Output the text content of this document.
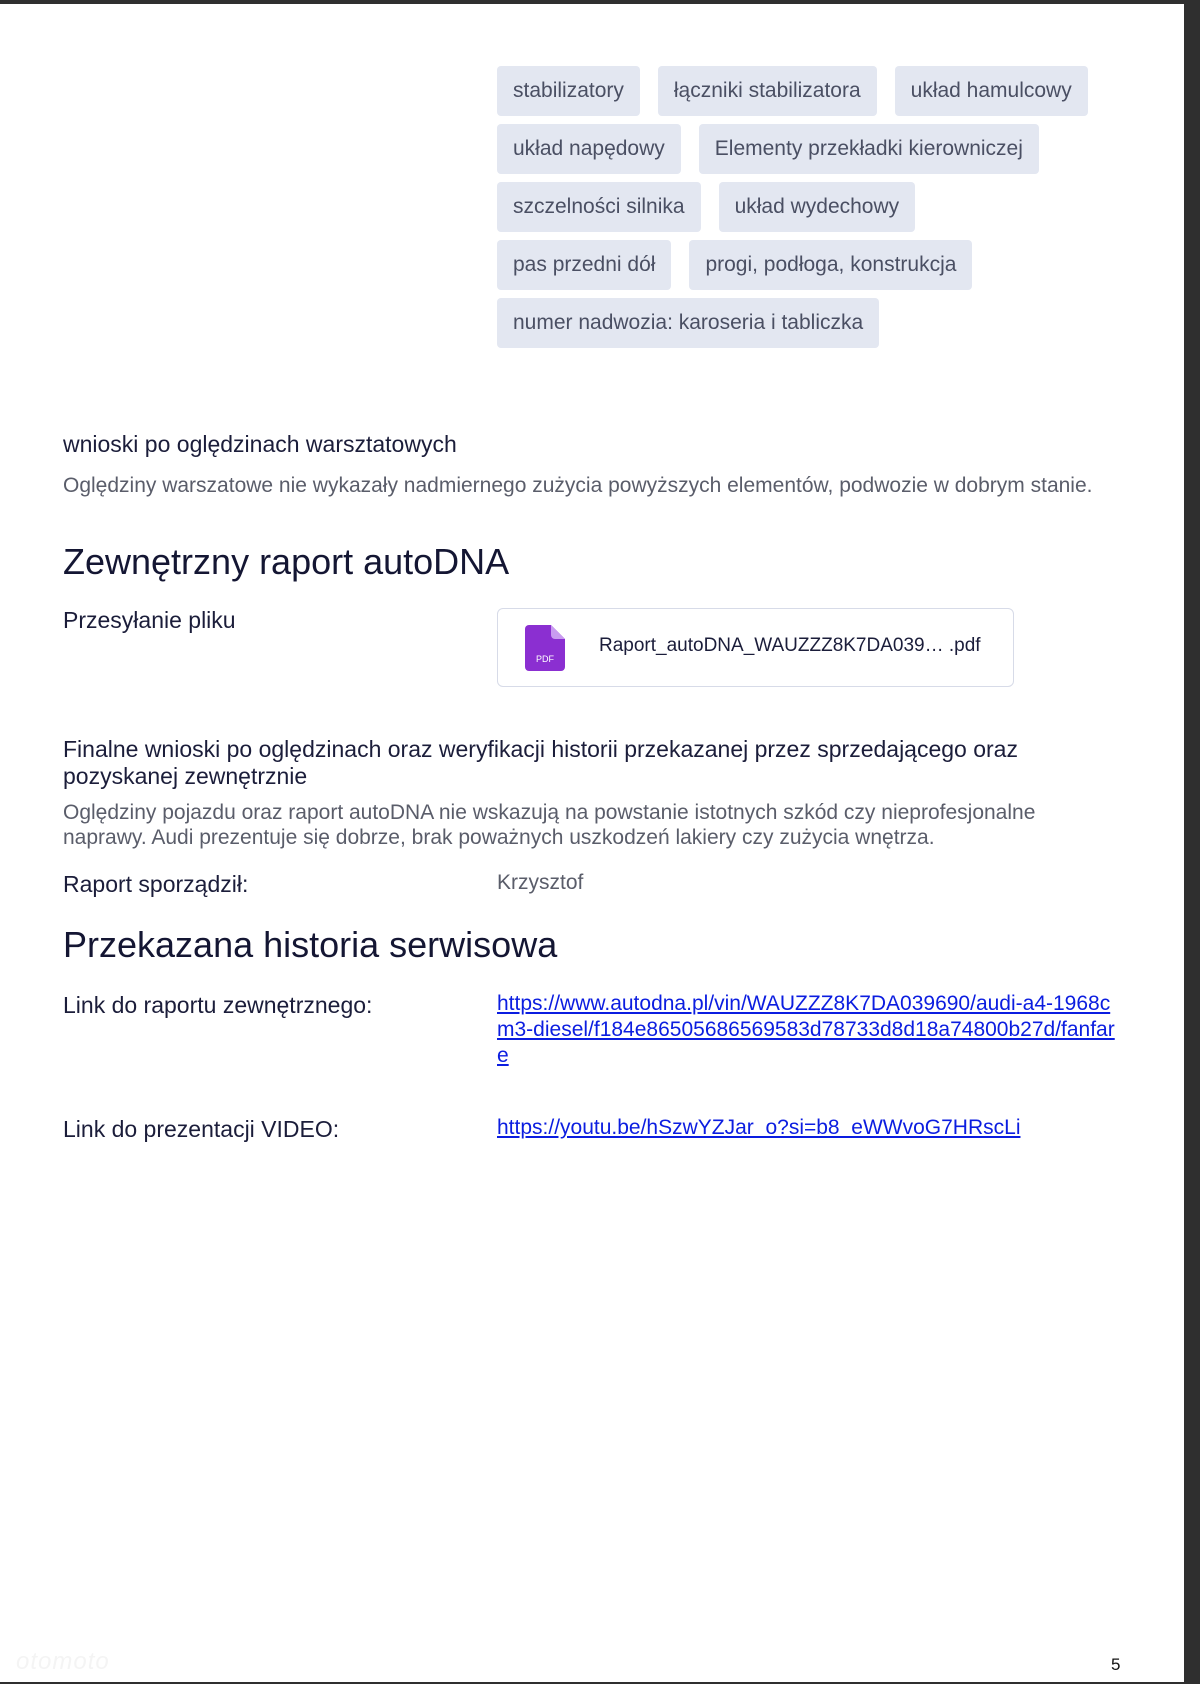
stabilizatory	łączniki stabilizatora	układ hamulcowy
układ napędowy	Elementy przekładki kierowniczej
szczelności silnika	układ wydechowy
pas przedni dół	progi, podłoga, konstrukcja
numer nadwozia: karoseria i tabliczka
wnioski po oględzinach warsztatowych
Oględziny warszatowe nie wykazały nadmiernego zużycia powyższych elementów, podwozie w dobrym stanie.
Zewnętrzny raport autoDNA
Przesyłanie pliku
PDF
Raport_autoDNA_WAUZZZ8K7DA039… .pdf
Finalne wnioski po oględzinach oraz weryfikacji historii przekazanej przez sprzedającego oraz pozyskanej zewnętrznie
Oględziny pojazdu oraz raport autoDNA nie wskazują na powstanie istotnych szkód czy nieprofesjonalne naprawy. Audi prezentuje się dobrze, brak poważnych uszkodzeń lakiery czy zużycia wnętrza.
Raport sporządził:	Krzysztof
Przekazana historia serwisowa
Link do raportu zewnętrznego:	https://www.autodna.pl/vin/WAUZZZ8K7DA039690/audi-a4-1968cm3-diesel/f184e86505686569583d78733d8d18a74800b27d/fanfare
Link do prezentacji VIDEO:	https://youtu.be/hSzwYZJar_o?si=b8_eWWvoG7HRscLi
5
otomoto
